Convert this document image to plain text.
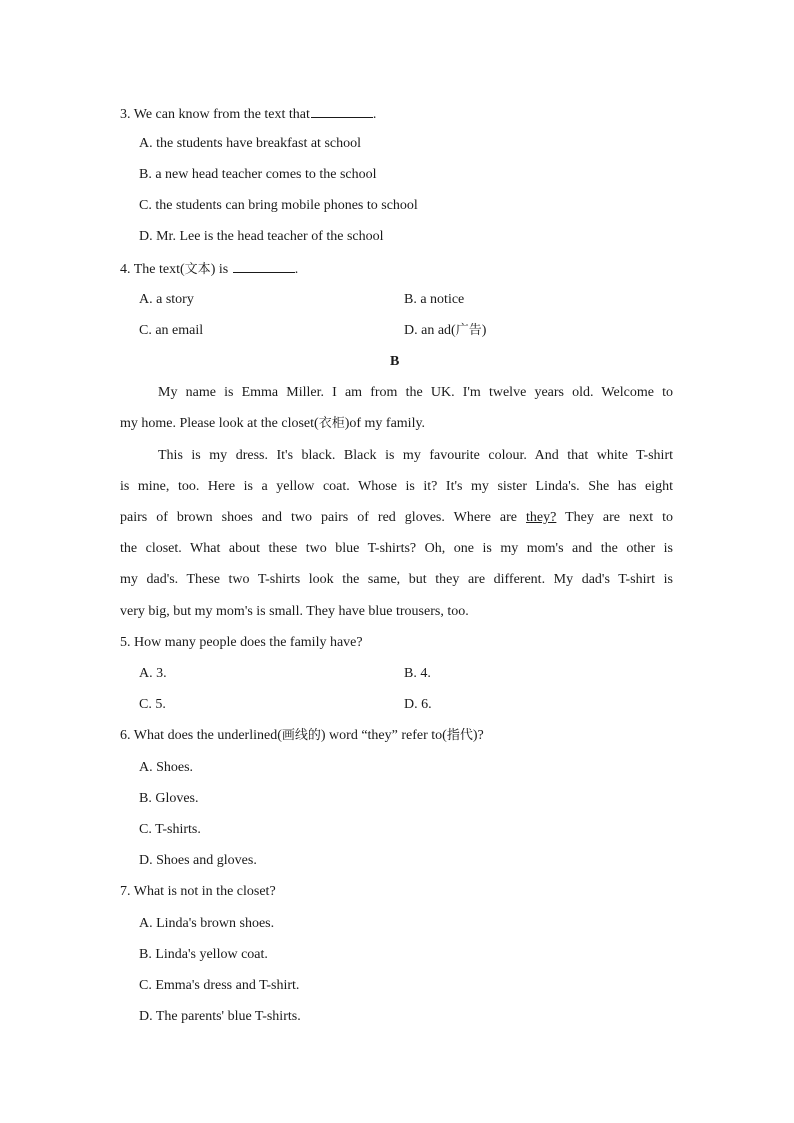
3. We can know from the text that	.
A. the students have breakfast at school
B. a new head teacher comes to the school
C. the students can bring mobile phones to school
D. Mr. Lee is the head teacher of the school
4. The text(文本) is	.
A. a story	B. a notice
C. an email	D. an ad(广告)
B
My name is Emma Miller. I am from the UK. I'm twelve years old. Welcome to
my home. Please look at the closet(衣柜)of my family.
This is my dress. It's black. Black is my favourite colour. And that white T-shirt
is mine, too. Here is a yellow coat. Whose is it? It's my sister Linda's. She has eight
pairs of brown shoes and two pairs of red gloves. Where are they? They are next to
the closet. What about these two blue T-shirts? Oh, one is my mom's and the other is
my dad's. These two T-shirts look the same, but they are different. My dad's T-shirt is
very big, but my mom's is small. They have blue trousers, too.
5. How many people does the family have?
A. 3.	B. 4.
C. 5.	D. 6.
6. What does the underlined(画线的) word “they” refer to(指代)?
A. Shoes.
B. Gloves.
C. T-shirts.
D. Shoes and gloves.
7. What is not in the closet?
A. Linda's brown shoes.
B. Linda's yellow coat.
C. Emma's dress and T-shirt.
D. The parents' blue T-shirts.
